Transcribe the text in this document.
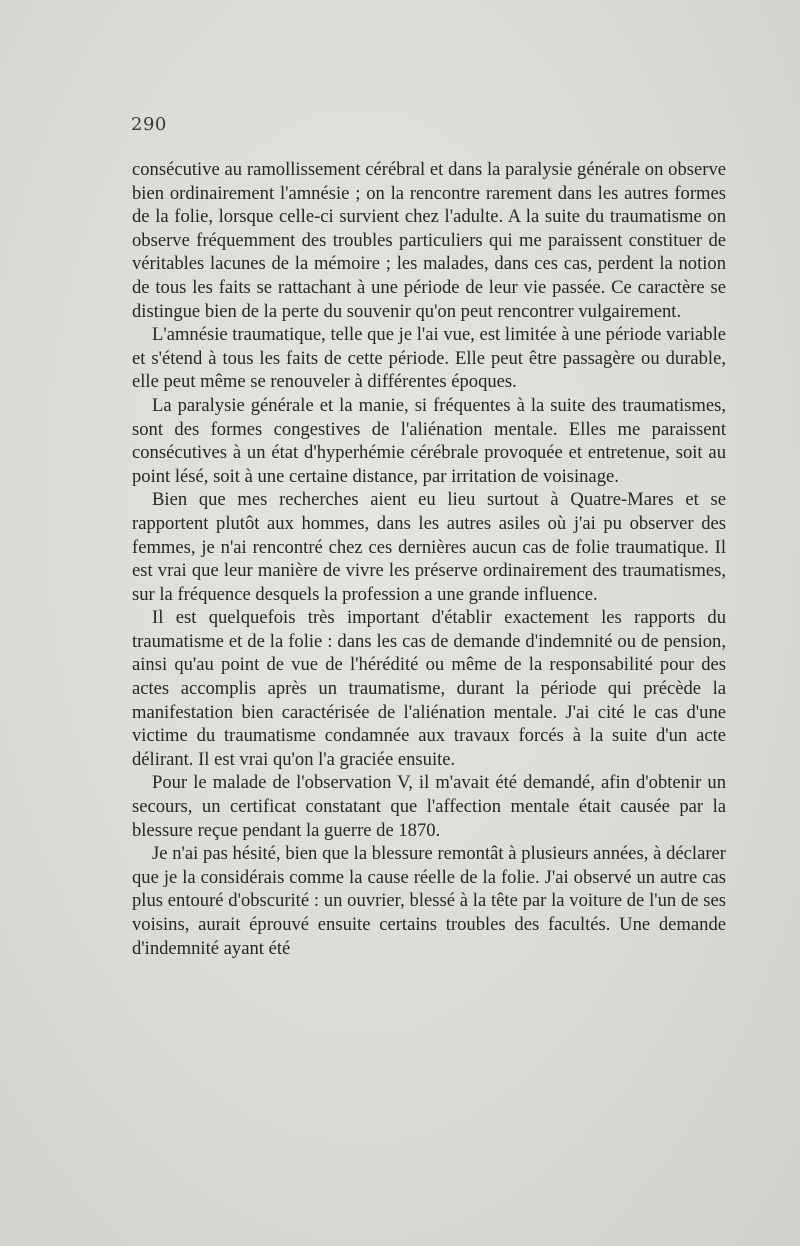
290

consécutive au ramollissement cérébral et dans la paralysie générale on observe bien ordinairement l'amnésie ; on la rencontre rarement dans les autres formes de la folie, lorsque celle-ci survient chez l'adulte. A la suite du traumatisme on observe fréquemment des troubles particuliers qui me paraissent constituer de véritables lacunes de la mémoire ; les malades, dans ces cas, perdent la notion de tous les faits se rattachant à une période de leur vie passée. Ce caractère se distingue bien de la perte du souvenir qu'on peut rencontrer vulgairement.

L'amnésie traumatique, telle que je l'ai vue, est limitée à une période variable et s'étend à tous les faits de cette période. Elle peut être passagère ou durable, elle peut même se renouveler à différentes époques.

La paralysie générale et la manie, si fréquentes à la suite des traumatismes, sont des formes congestives de l'aliénation mentale. Elles me paraissent consécutives à un état d'hyperhémie cérébrale provoquée et entretenue, soit au point lésé, soit à une certaine distance, par irritation de voisinage.

Bien que mes recherches aient eu lieu surtout à Quatre-Mares et se rapportent plutôt aux hommes, dans les autres asiles où j'ai pu observer des femmes, je n'ai rencontré chez ces dernières aucun cas de folie traumatique. Il est vrai que leur manière de vivre les préserve ordinairement des traumatismes, sur la fréquence desquels la profession a une grande influence.

Il est quelquefois très important d'établir exactement les rapports du traumatisme et de la folie : dans les cas de demande d'indemnité ou de pension, ainsi qu'au point de vue de l'hérédité ou même de la responsabilité pour des actes accomplis après un traumatisme, durant la période qui précède la manifestation bien caractérisée de l'aliénation mentale. J'ai cité le cas d'une victime du traumatisme condamnée aux travaux forcés à la suite d'un acte délirant. Il est vrai qu'on l'a graciée ensuite.

Pour le malade de l'observation V, il m'avait été demandé, afin d'obtenir un secours, un certificat constatant que l'affection mentale était causée par la blessure reçue pendant la guerre de 1870.

Je n'ai pas hésité, bien que la blessure remontât à plusieurs années, à déclarer que je la considérais comme la cause réelle de la folie. J'ai observé un autre cas plus entouré d'obscurité : un ouvrier, blessé à la tête par la voiture de l'un de ses voisins, aurait éprouvé ensuite certains troubles des facultés. Une demande d'indemnité ayant été
